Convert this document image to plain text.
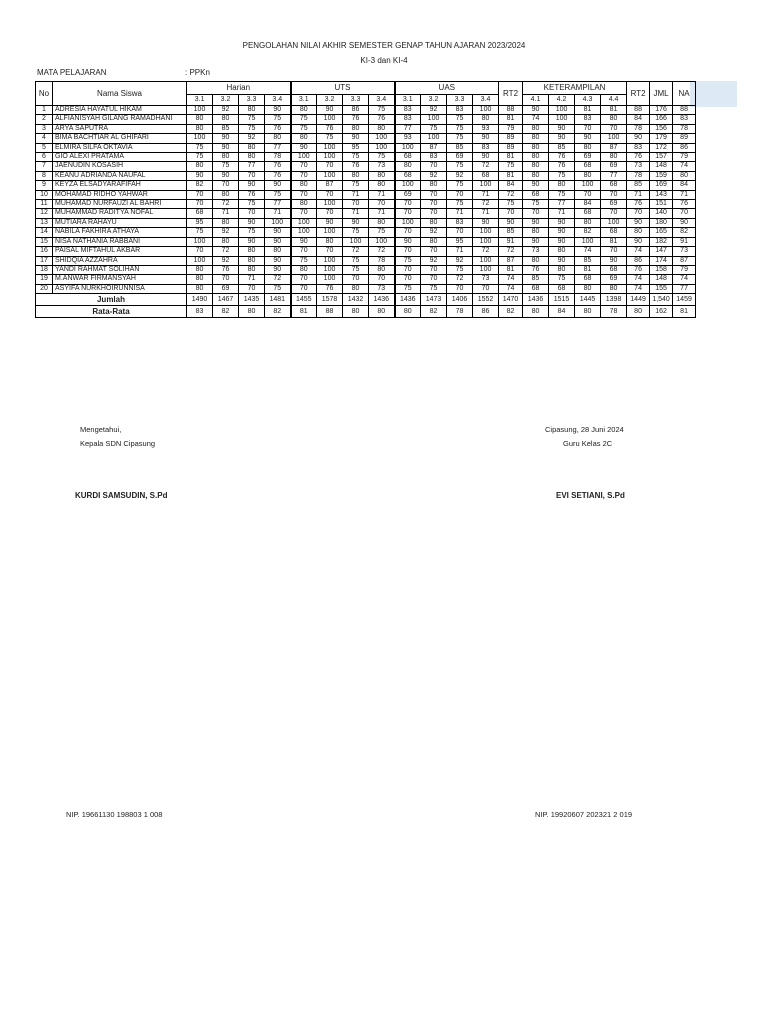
PENGOLAHAN NILAI AKHIR SEMESTER GENAP TAHUN AJARAN 2023/2024
KI-3 dan KI-4
MATA PELAJARAN	: PPKn
No	Nama Siswa	Harian				UTS				UAS				RT2	KETERAMPILAN				RT2	JML	NA
		3.1	3.2	3.3	3.4	3.1	3.2	3.3	3.4	3.1	3.2	3.3	3.4		4.1	4.2	4.3	4.4			
1	ADRESIA HAYATUL HIKAM	100	92	80	90	80	90	86	75	83	92	83	100	88	90	100	81	81	88	176	88
2	ALFIANISYAH GILANG RAMADHANI	80	80	75	75	75	100	76	76	83	100	75	80	81	74	100	83	80	84	166	83
3	ARYA SAPUTRA	80	85	75	76	75	76	80	80	77	75	75	93	79	80	90	70	70	78	156	78
4	BIMA BACHTIAR AL GHIFARI	100	90	92	80	80	75	90	100	93	100	75	90	89	80	90	90	100	90	179	89
5	ELMIRA SILFA OKTAVIA	75	90	80	77	90	100	95	100	100	87	85	83	89	80	85	80	87	83	172	86
6	GIO ALEXI PRATAMA	75	80	80	78	100	100	75	75	68	83	69	90	81	80	76	69	80	76	157	79
7	JAENUDIN KOSASIH	80	75	77	76	70	70	76	73	80	70	75	72	75	80	76	68	69	73	148	74
8	KEANU ADRIANDA NAUFAL	90	90	70	76	70	100	80	80	68	92	92	68	81	80	75	80	77	78	159	80
9	KEYZA ELSADYARAFIFAH	82	70	90	90	80	87	75	80	100	80	75	100	84	90	80	100	68	85	169	84
10	MOHAMAD RIDHO YAHWAR	70	80	76	75	70	70	71	71	69	70	70	71	72	68	75	70	70	71	143	71
11	MUHAMAD NURFAUZI AL BAHRI	70	72	75	77	80	100	70	70	70	70	75	72	75	75	77	84	69	76	151	76
12	MUHAMMAD RADITYA NOFAL	68	71	70	71	70	70	71	71	70	70	71	71	70	70	71	68	70	70	140	70
13	MUTIARA RAHAYU	95	80	90	100	100	90	90	80	100	80	83	90	90	90	90	80	100	90	180	90
14	NABILA FAKHIRA ATHAYA	75	92	75	90	100	100	75	75	70	92	70	100	85	80	90	82	68	80	165	82
15	NISA NATHANIA RABBANI	100	80	90	90	90	80	100	100	90	80	95	100	91	90	90	100	81	90	182	91
16	PAISAL MIFTAHUL AKBAR	70	72	80	80	70	70	72	72	70	70	71	72	72	73	80	74	70	74	147	73
17	SHIDQIA AZZAHRA	100	92	80	90	75	100	75	78	75	92	92	100	87	80	90	85	90	86	174	87
18	YANDI RAHMAT SOLIHAN	80	76	80	90	80	100	75	80	70	70	75	100	81	76	80	81	68	76	158	79
19	M.ANWAR FIRMANSYAH	80	70	71	72	70	100	70	70	70	70	72	73	74	85	75	68	69	74	148	74
20	ASYIFA NURKHOIRUNNISA	80	69	70	75	70	76	80	73	75	75	70	70	74	68	68	80	80	74	155	77
Jumlah		1490	1467	1435	1481	1455	1578	1432	1436	1436	1473	1406	1552	1470	1436	1515	1445	1398	1449	1,540	1459
Rata-Rata		83	82	80	82	81	88	80	80	80	82	78	86	82	80	84	80	78	80	162	81
Mengetahui,
Kepala SDN Cipasung
KURDI SAMSUDIN, S.Pd
NIP. 19661130 198803 1 008
Cipasung, 28 Juni 2024
Guru Kelas 2C
EVI SETIANI, S.Pd
NIP. 19920607 202321 2 019
